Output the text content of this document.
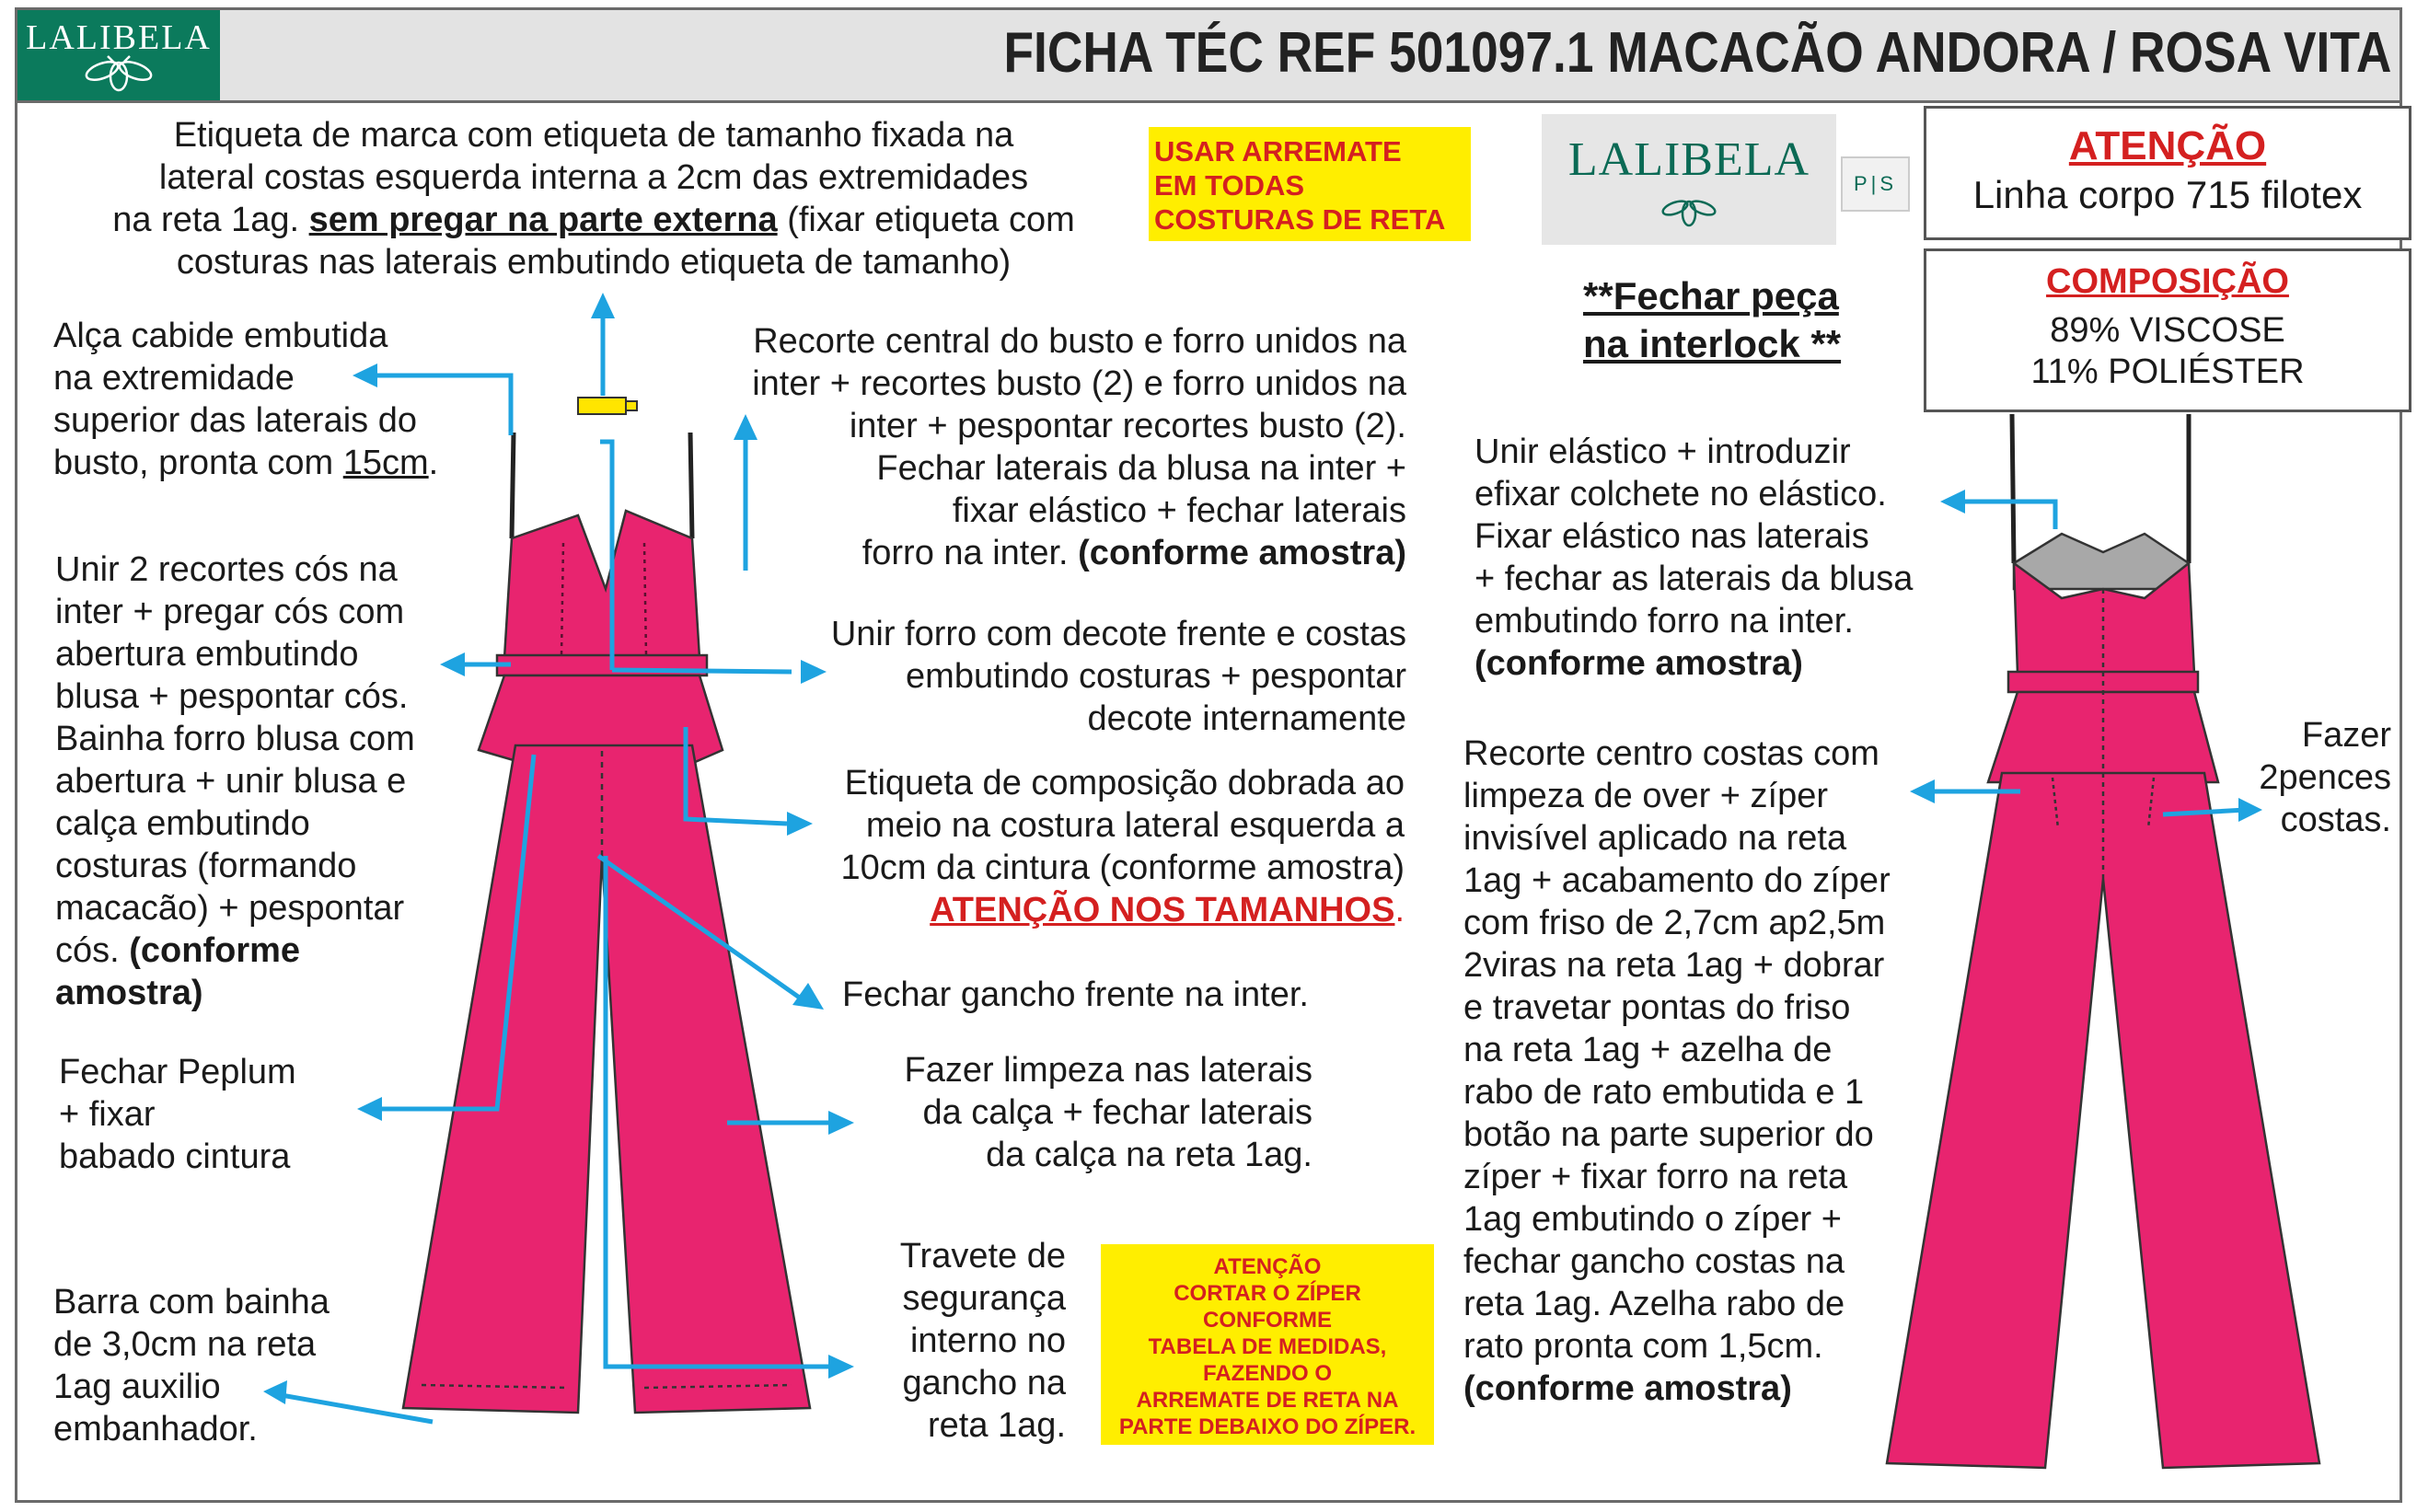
LALIBELA	FICHA TÉC REF 501097.1 MACACÃO ANDORA / ROSA VITA
Etiqueta de marca com etiqueta de tamanho fixada na
lateral costas esquerda interna a 2cm das extremidades
na reta 1ag. sem pregar na parte externa (fixar etiqueta com
costuras nas laterais embutindo etiqueta de tamanho)
USAR ARREMATE
EM TODAS
COSTURAS DE RETA
Alça cabide embutida
na extremidade
superior das laterais do
busto, pronta com 15cm.
Recorte central do busto e forro unidos na
inter + recortes busto (2) e forro unidos na
inter + pespontar recortes busto (2).
Fechar laterais da blusa na inter +
fixar elástico + fechar laterais
forro na inter. (conforme amostra)
Unir 2 recortes cós na
inter + pregar cós com
abertura embutindo
blusa + pespontar cós.
Bainha forro blusa com
abertura + unir blusa e
calça embutindo
costuras (formando
macacão) + pespontar
cós. (conforme
amostra)
Unir forro com decote frente e costas
embutindo costuras + pespontar
decote internamente
Etiqueta de composição dobrada ao
meio na costura lateral esquerda a
10cm da cintura (conforme amostra)
ATENÇÃO NOS TAMANHOS.
Fechar gancho frente na inter.
Fechar Peplum
+ fixar
babado cintura
Fazer limpeza nas laterais
da calça + fechar laterais
da calça na reta 1ag.
Barra com bainha
de 3,0cm na reta
1ag auxilio
embanhador.
Travete de
segurança
interno no
gancho na
reta 1ag.
ATENÇÃO
CORTAR O ZÍPER
CONFORME
TABELA DE MEDIDAS,
FAZENDO O
ARREMATE DE RETA NA
PARTE DEBAIXO DO ZÍPER.
LALIBELA	P|S
ATENÇÃO
Linha corpo 715 filotex
COMPOSIÇÃO
89% VISCOSE
11% POLIÉSTER
**Fechar peça
na interlock **
Unir elástico + introduzir
efixar colchete no elástico.
Fixar elástico nas laterais
+ fechar as laterais da blusa
embutindo forro na inter.
(conforme amostra)
Recorte centro costas com
limpeza de over + zíper
invisível aplicado na reta
1ag + acabamento do zíper
com friso de 2,7cm ap2,5m
2viras na reta 1ag + dobrar
e travetar pontas do friso
na reta 1ag + azelha de
rabo de rato embutida e 1
botão na parte superior do
zíper + fixar forro na reta
1ag embutindo o zíper +
fechar gancho costas na
reta 1ag. Azelha rabo de
rato pronta com 1,5cm.
(conforme amostra)
Fazer
2pences
costas.
